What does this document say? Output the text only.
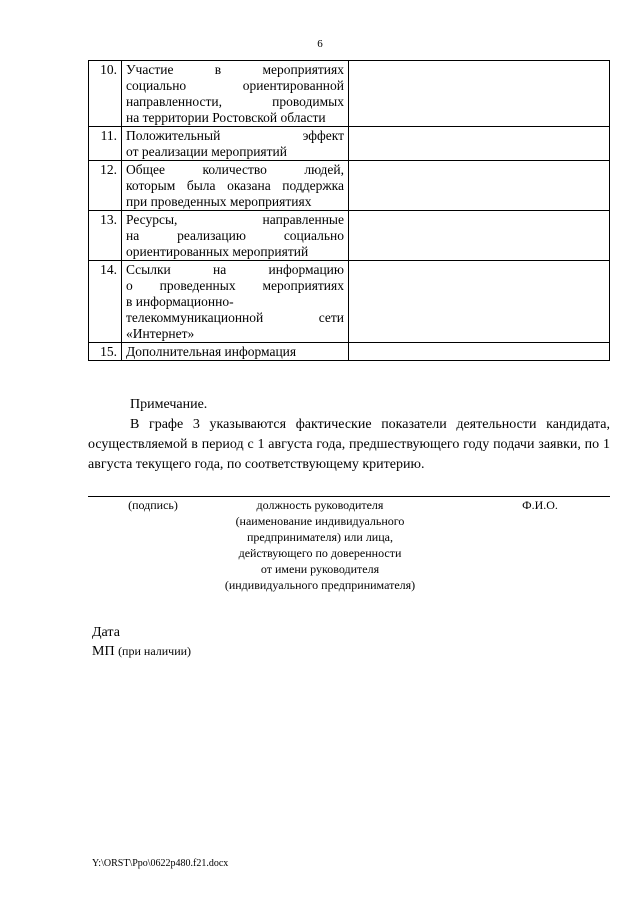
6
10.	Участие в мероприятиях
социально ориентированной
направленности, проводимых
на территории Ростовской области	

11.	Положительный эффект
от реализации мероприятий	

12.	Общее количество людей,
которым была оказана поддержка
при проведенных мероприятиях	

13.	Ресурсы, направленные
на реализацию социально
ориентированных мероприятий	

14.	Ссылки на информацию
о проведенных мероприятиях
в информационно-
телекоммуникационной сети
«Интернет»	

15.	Дополнительная информация	

Примечание.
В графе 3 указываются фактические показатели деятельности кандидата, осуществляемой в период с 1 августа года, предшествующего году подачи заявки, по 1 августа текущего года, по соответствующему критерию.
(подпись)	должность руководителя
(наименование индивидуального
предпринимателя) или лица,
действующего по доверенности
от имени руководителя
(индивидуального предпринимателя)
Ф.И.О.
Дата
МП (при наличии)
Y:\ORST\Ppo\0622p480.f21.docx
